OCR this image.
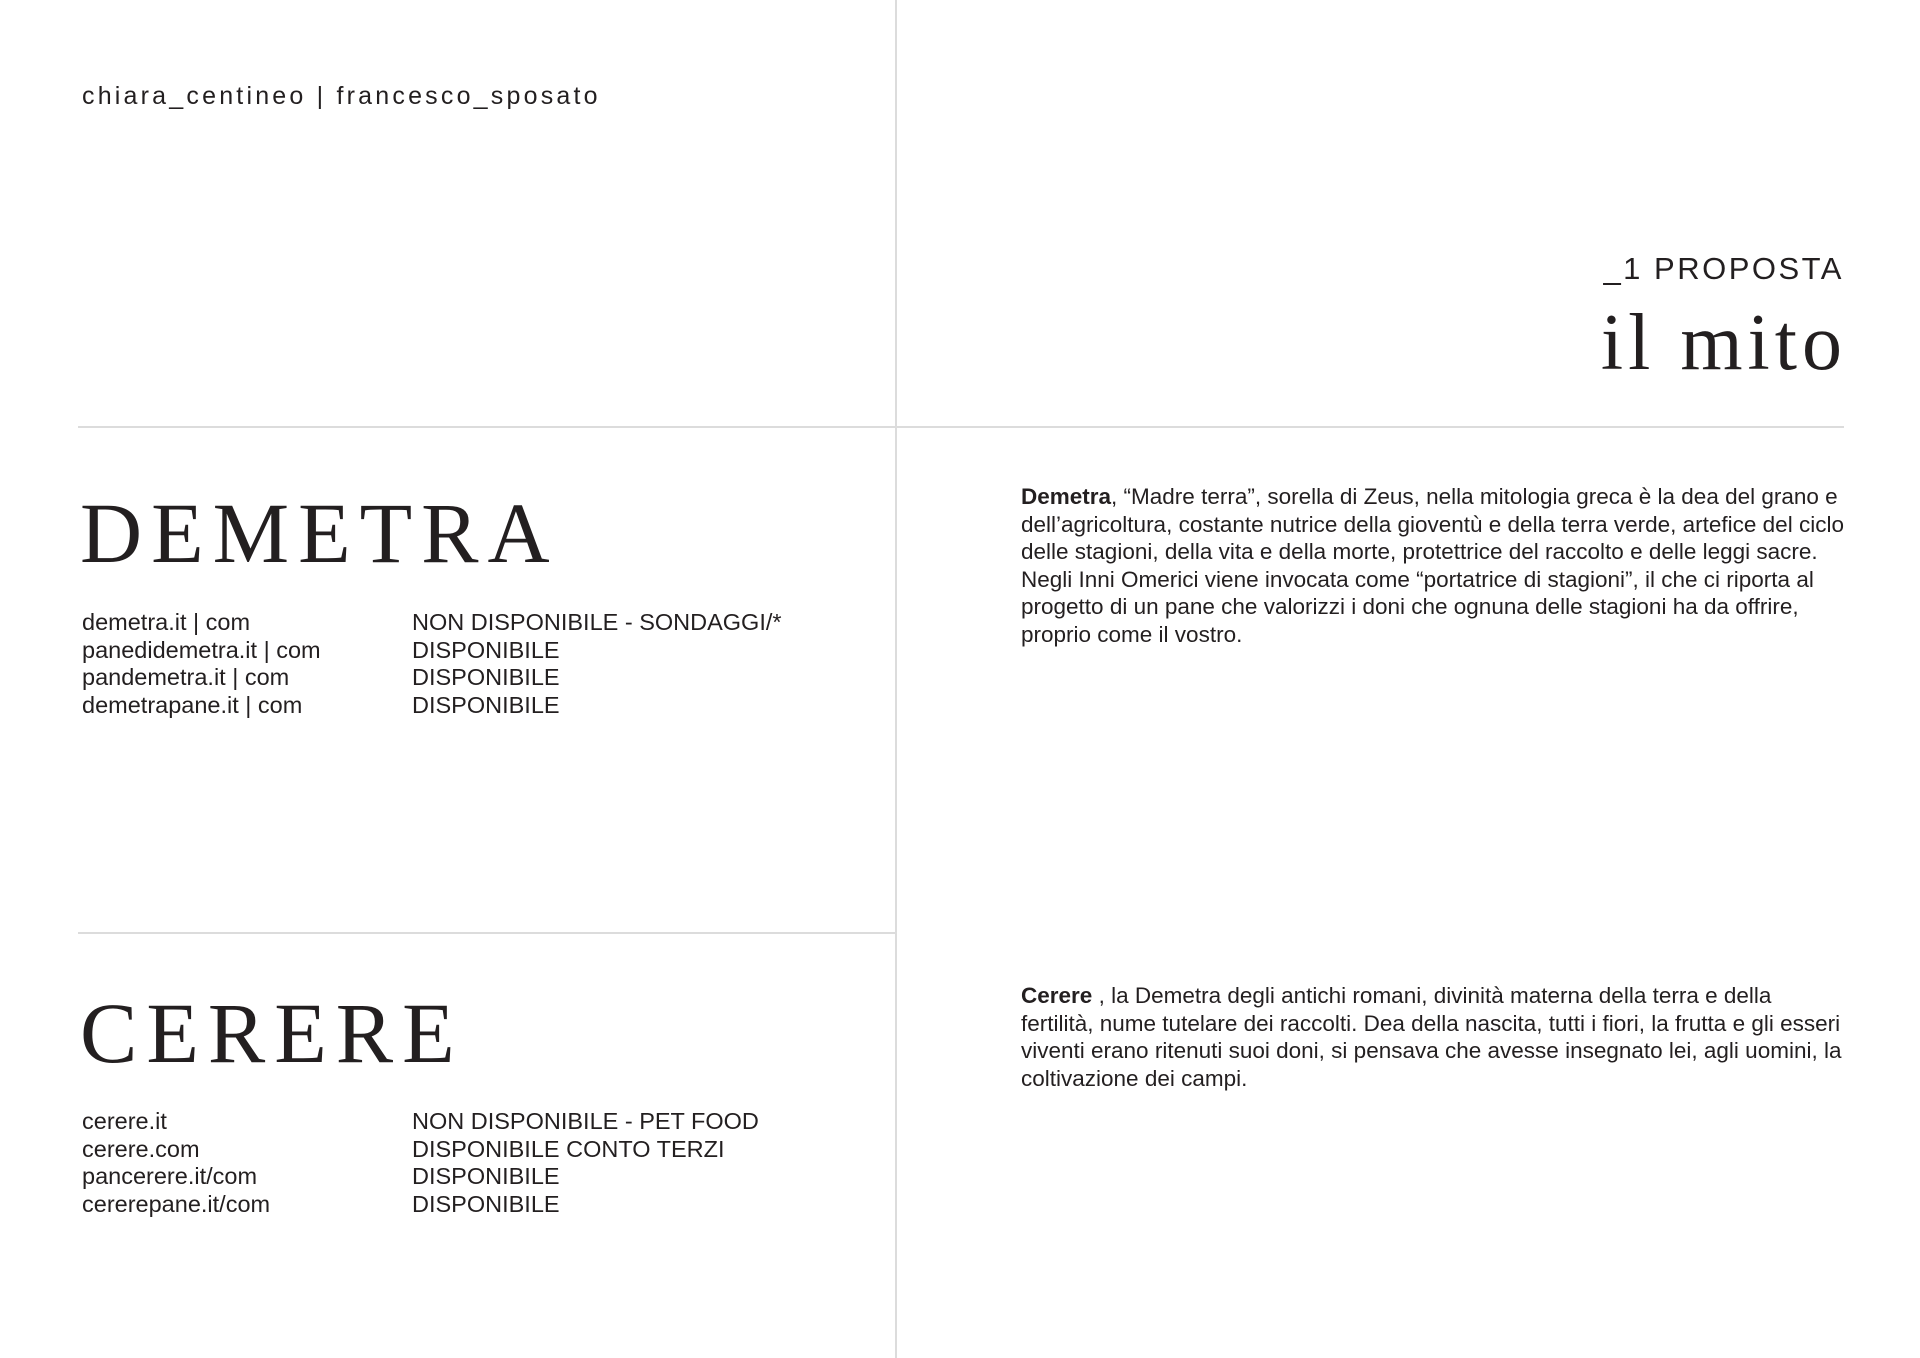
chiara_centineo | francesco_sposato
_1 PROPOSTA
il mito
DEMETRA
demetra.it | com	NON DISPONIBILE - SONDAGGI/*
panedidemetra.it | com	DISPONIBILE
pandemetra.it | com	DISPONIBILE
demetrapane.it | com	DISPONIBILE

Demetra, “Madre terra”, sorella di Zeus, nella mitologia greca è la dea del grano e dell’agricoltura, costante nutrice della gioventù e della terra verde, artefice del ciclo delle stagioni, della vita e della morte, protettrice del raccolto e delle leggi sacre.

Negli Inni Omerici viene invocata come “portatrice di stagioni”, il che ci riporta al progetto di un pane che valorizzi i doni che ognuna delle stagioni ha da offrire, proprio come il vostro.

CERERE
cerere.it	NON DISPONIBILE - PET FOOD
cerere.com	DISPONIBILE CONTO TERZI
pancerere.it/com	DISPONIBILE
cererepane.it/com	DISPONIBILE

Cerere , la Demetra degli antichi romani, divinità materna della terra e della fertilità, nume tutelare dei raccolti. Dea della nascita, tutti i fiori, la frutta e gli esseri viventi erano ritenuti suoi doni, si pensava che avesse insegnato lei, agli uomini, la coltivazione dei campi.
